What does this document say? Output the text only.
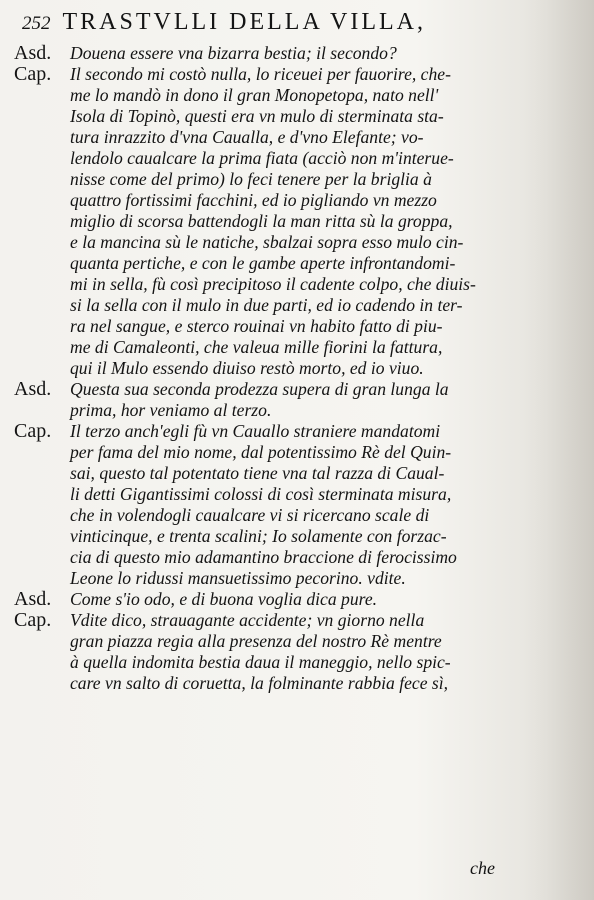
252 TRASTVLLI DELLA VILLA,
Asd.	Douena essere vna bizarra bestia; il secondo?
Cap.	Il secondo mi costò nulla, lo riceuei per fauorire, che-
me lo mandò in dono il gran Monopetopa, nato nell'
Isola di Topinò, questi era vn mulo di sterminata sta-
tura inrazzito d'vna Caualla, e d'vno Elefante; vo-
lendolo caualcare la prima fiata (acciò non m'interue-
nisse come del primo) lo feci tenere per la briglia à
quattro fortissimi facchini, ed io pigliando vn mezzo
miglio di scorsa battendogli la man ritta sù la groppa,
e la mancina sù le natiche, sbalzai sopra esso mulo cin-
quanta pertiche, e con le gambe aperte infrontandomi-
mi in sella, fù così precipitoso il cadente colpo, che diuis-
si la sella con il mulo in due parti, ed io cadendo in ter-
ra nel sangue, e sterco rouinai vn habito fatto di piu-
me di Camaleonti, che valeua mille fiorini la fattura,
qui il Mulo essendo diuiso restò morto, ed io viuo.
Asd.	Questa sua seconda prodezza supera di gran lunga la
prima, hor veniamo al terzo.
Cap.	Il terzo anch'egli fù vn Cauallo straniere mandatomi
per fama del mio nome, dal potentissimo Rè del Quin-
sai, questo tal potentato tiene vna tal razza di Caual-
li detti Gigantissimi colossi di così sterminata misura,
che in volendogli caualcare vi si ricercano scale di
vinticinque, e trenta scalini; Io solamente con forzac-
cia di questo mio adamantino braccione di ferocissimo
Leone lo ridussi mansuetissimo pecorino. vdite.
Asd.	Come s'io odo, e di buona voglia dica pure.
Cap.	Vdite dico, strauagante accidente; vn giorno nella
gran piazza regia alla presenza del nostro Rè mentre
à quella indomita bestia daua il maneggio, nello spic-
care vn salto di coruetta, la folminante rabbia fece sì,
che
